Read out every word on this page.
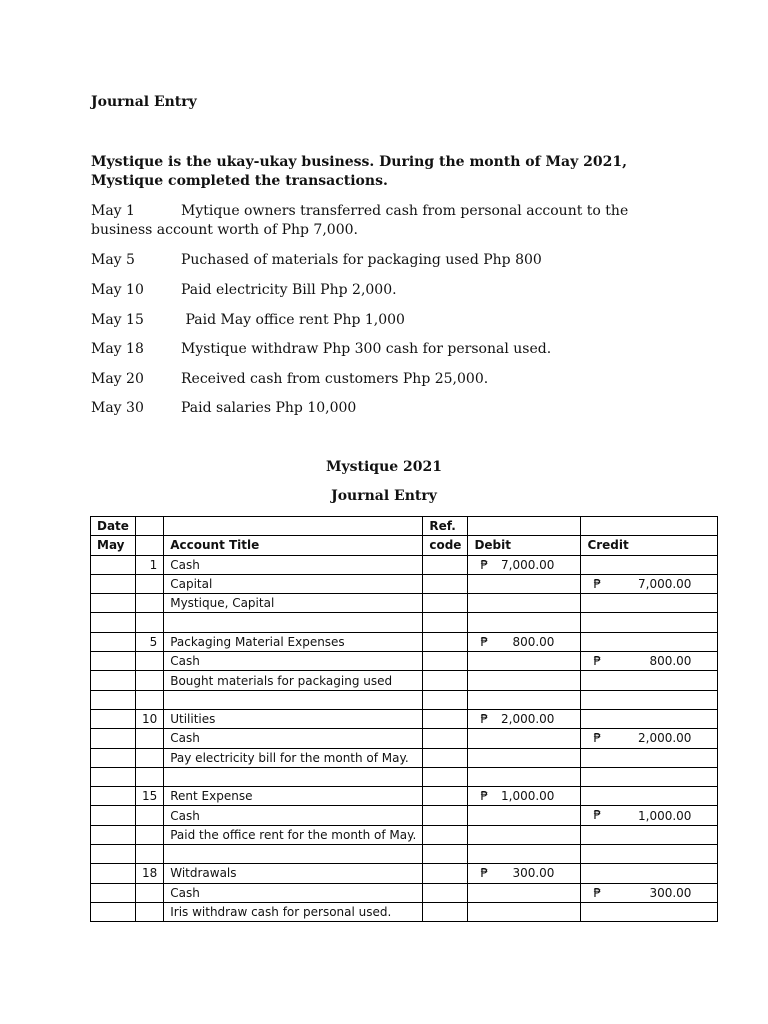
Journal Entry
Mystique is the ukay-ukay business. During the month of May 2021, Mystique completed the transactions.
May 1	Mytique owners transferred cash from personal account to the business account worth of Php 7,000.
May 5	Puchased of materials for packaging used Php 800
May 10	Paid electricity Bill Php 2,000.
May 15	Paid May office rent Php 1,000
May 18	Mystique withdraw Php 300 cash for personal used.
May 20	Received cash from customers Php 25,000.
May 30	Paid salaries Php 10,000
Mystique 2021
Journal Entry
Date			Ref.		
May		Account Title	code	Debit	Credit
	1	Cash		₱ 7,000.00	

		Capital			₱ 7,000.00

		Mystique, Capital			

	5	Packaging Material Expenses		₱ 800.00	

		Cash			₱ 800.00

		Bought materials for packaging used			

	10	Utilities		₱ 2,000.00	

		Cash			₱ 2,000.00

		Pay electricity bill for the month of May.			

	15	Rent Expense		₱ 1,000.00	

		Cash			₱ 1,000.00

		Paid the office rent for the month of May.			

	18	Witdrawals		₱ 300.00	

		Cash			₱ 300.00

		Iris withdraw cash for personal used.			
